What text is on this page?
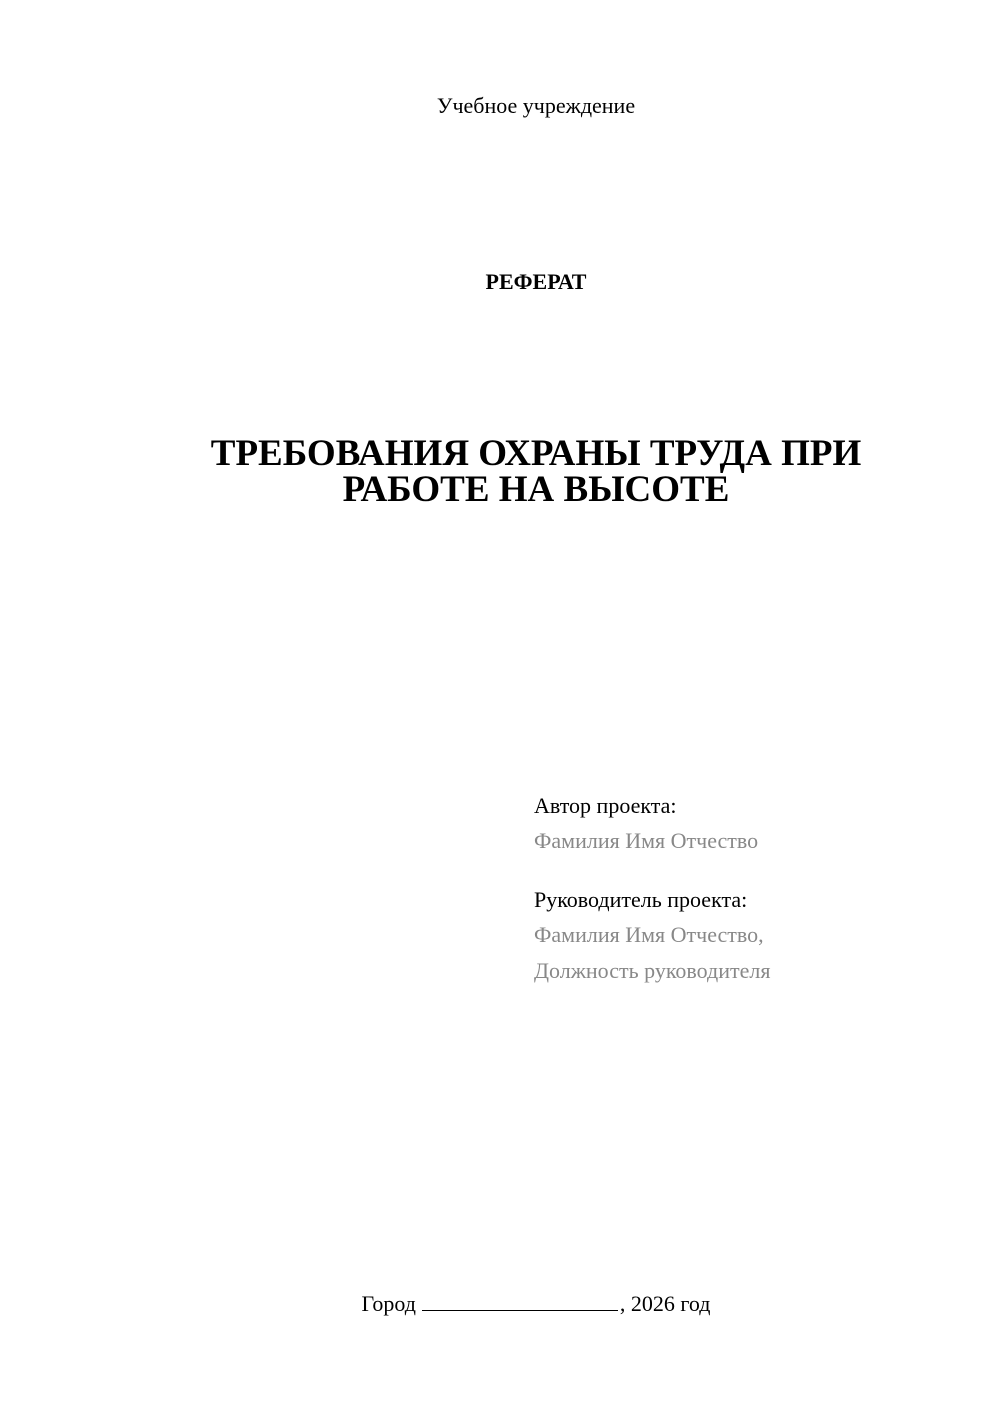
Учебное учреждение
РЕФЕРАТ
ТРЕБОВАНИЯ ОХРАНЫ ТРУДА ПРИ
РАБОТЕ НА ВЫСОТЕ
Автор проекта:
Фамилия Имя Отчество
Руководитель проекта:
Фамилия Имя Отчество,
Должность руководителя
Город	, 2026 год
